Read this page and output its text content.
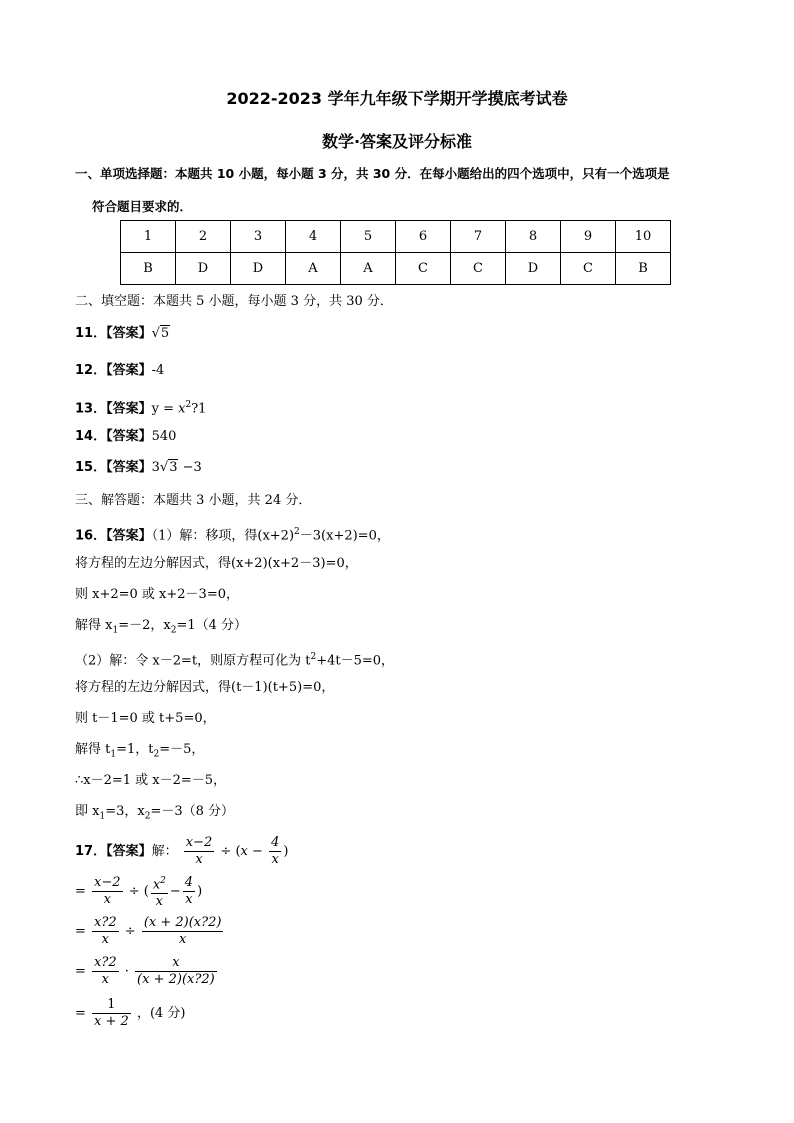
2022-2023 学年九年级下学期开学摸底考试卷
数学·答案及评分标准
一、单项选择题：本题共 10 小题，每小题 3 分，共 30 分．在每小题给出的四个选项中，只有一个选项是
符合题目要求的．
1	2	3	4	5	6	7	8	9	10
B	D	D	A	A	C	C	D	C	B
二、填空题：本题共 5 小题，每小题 3 分，共 30 分．
11．【答案】√5
12．【答案】-4
13．【答案】$y = x^2?1$
14．【答案】540
15．【答案】3√3 −3
三、解答题：本题共 3 小题，共 24 分．
16．【答案】（1）解：移项，得$(x+2)^2-3(x+2)=0$，
将方程的左边分解因式，得(x+2)(x+2－3)=0，
则 x+2=0 或 x+2－3=0，
解得 $x_1=-2$，$x_2=1(4$ 分）
（2）解：令 x－2=t，则原方程可化为 $t^2+4t-5=0$，
将方程的左边分解因式，得(t－1)(t+5)=0，
则 t－1=0 或 t+5=0，
解得 $t_1=1$，$t_2=-5$，
∴x－2=1 或 x－2=－5，
即 $x_1=3$，$x_2=-3(8$ 分）
17．【答案】解： $\frac{x-2}{x} \div (x - \frac{4}{x}$ )
= $\frac{x-2}{x}$ ÷ ( $\frac{x^2}{x} - \frac{4}{x}$ )
= $\frac{x?2}{x} \div \frac{(x + 2)(x?2)}{x}$
= $\frac{x?2}{x} \cdot \frac{x}{(x + 2)(x?2)}$
= $\frac{1}{x + 2}$ ，(4 分)
